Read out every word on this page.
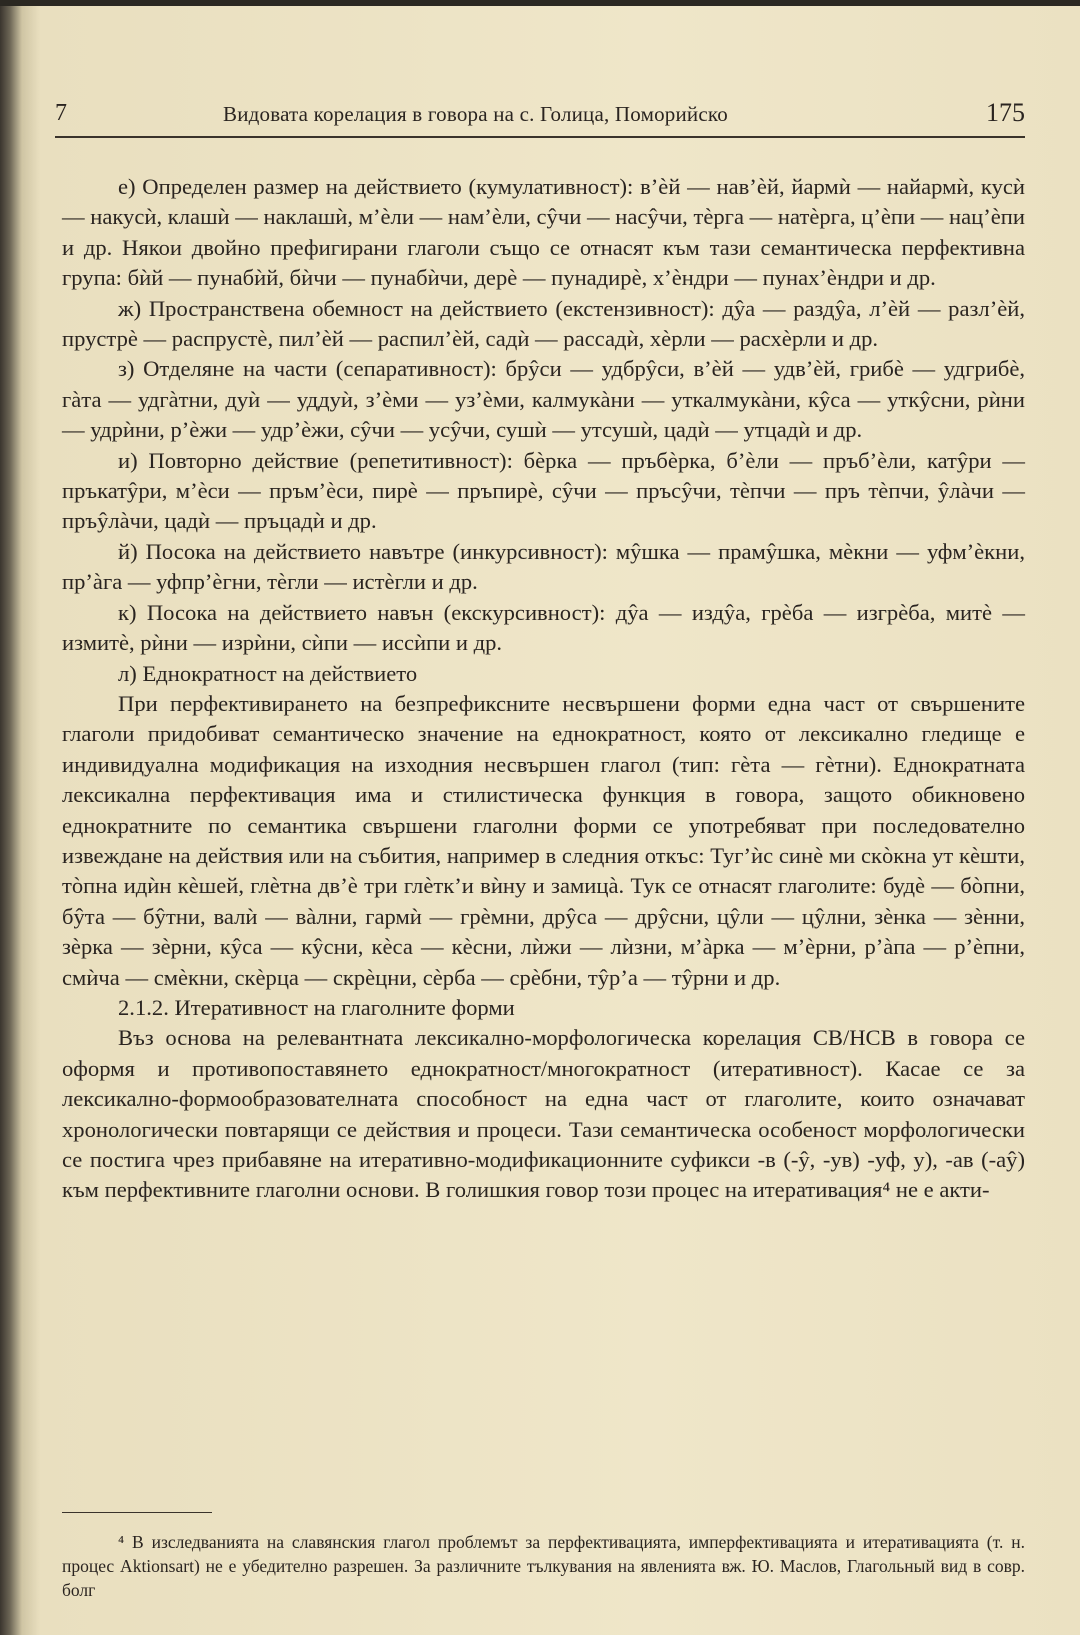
7	Видовата корелация в говора на с. Голица, Поморийско	175

е) Определен размер на действието (кумулативност): в’ѐй — нав’ѐй, йармѝ — найармѝ, кусѝ — накусѝ, клашѝ — наклашѝ, м’ѐли — нам’ѐли, сŷчи — насŷчи, тѐрга — натѐрга, ц’ѐпи — нац’ѐпи и др. Някои двойно префигирани глаголи също се отнасят към тази семантическа перфективна група: бѝй — пунабѝй, бѝчи — пунабѝчи, дерѐ — пунадирѐ, х’ѐндри — пунах’ѐндри и др.

ж) Пространствена обемност на действието (екстензивност): дŷа — раздŷа, л’ѐй — разл’ѐй, прустрѐ — распрустѐ, пил’ѐй — распил’ѐй, садѝ — рассадѝ, хѐрли — расхѐрли и др.

з) Отделяне на части (сепаративност): брŷси — удбрŷси, в’ѐй — удв’ѐй, грибѐ — удгрибѐ, гàта — удгàтни, дуѝ — уддуѝ, з’ѐми — уз’ѐми, калмукàни — уткалмукàни, кŷса — уткŷсни, рѝни — удрѝни, р’ѐжи — удр’ѐжи, сŷчи — усŷчи, сушѝ — утсушѝ, цадѝ — утцадѝ и др.

и) Повторно действие (репетитивност): бѐрка — пръбѐрка, б’ѐли — пръб’ѐли, катŷри — пръкатŷри, м’ѐси — пръм’ѐси, пирѐ — пръпирѐ, сŷчи — пръсŷчи, тѐпчи — пръ тѐпчи, ŷлàчи — пръŷлàчи, цадѝ — пръцадѝ и др.

й) Посока на действието навътре (инкурсивност): мŷшка — прамŷшка, мѐкни — уфм’ѐкни, пр’àга — уфпр’èгни, тѐгли — истѐгли и др.

к) Посока на действието навън (екскурсивност): дŷа — издŷа, грѐба — изгрѐба, митѐ — измитѐ, рѝни — изрѝни, сѝпи — иссѝпи и др.

л) Еднократност на действието

При перфективирането на безпрефиксните несвършени форми една част от свършените глаголи придобиват семантическо значение на еднократност, която от лексикално гледище е индивидуална модификация на изходния несвършен глагол (тип: гѐта — гѐтни). Еднократната лексикална перфективация има и стилистическа функция в говора, защото обикновено еднократните по семантика свършени глаголни форми се употребяват при последователно извеждане на действия или на събития, например в следния откъс: Туг’ѝс синѐ ми скòкна ут кѐшти, тòпна идѝн кѐшей, глѐтна дв’ѐ три глѐтк’и вѝну и замицà. Тук се отнасят глаголите: будѐ — бòпни, бŷта — бŷтни, валѝ — вàлни, гармѝ — грѐмни, дрŷса — дрŷсни, цŷли — цŷлни, зѐнка — зѐнни, зѐрка — зѐрни, кŷса — кŷсни, кѐса — кѐсни, лѝжи — лѝзни, м’àрка — м’ѐрни, р’àпа — р’ѐпни, смѝча — смѐкни, скѐрца — скрѐцни, сѐрба — срѐбни, тŷр’а — тŷрни и др.

2.1.2. Итеративност на глаголните форми

Въз основа на релевантната лексикално-морфологическа корелация СВ/НСВ в говора се оформя и противопоставянето еднократност/многократност (итеративност). Касае се за лексикално-формообразователната способност на една част от глаголите, които означават хронологически повтарящи се действия и процеси. Тази семантическа особеност морфологически се постига чрез прибавяне на итеративно-модификационните суфикси -в (-ŷ, -ув) -уф, у), -ав (-аŷ) към перфективните глаголни основи. В голишкия говор този процес на итеративация⁴ не е акти-

⁴ В изследванията на славянския глагол проблемът за перфективацията, имперфективацията и итеративацията (т. н. процес Aktionsart) не е убедително разрешен. За различните тълкувания на явленията вж. Ю. Маслов, Глагольный вид в совр. болг
